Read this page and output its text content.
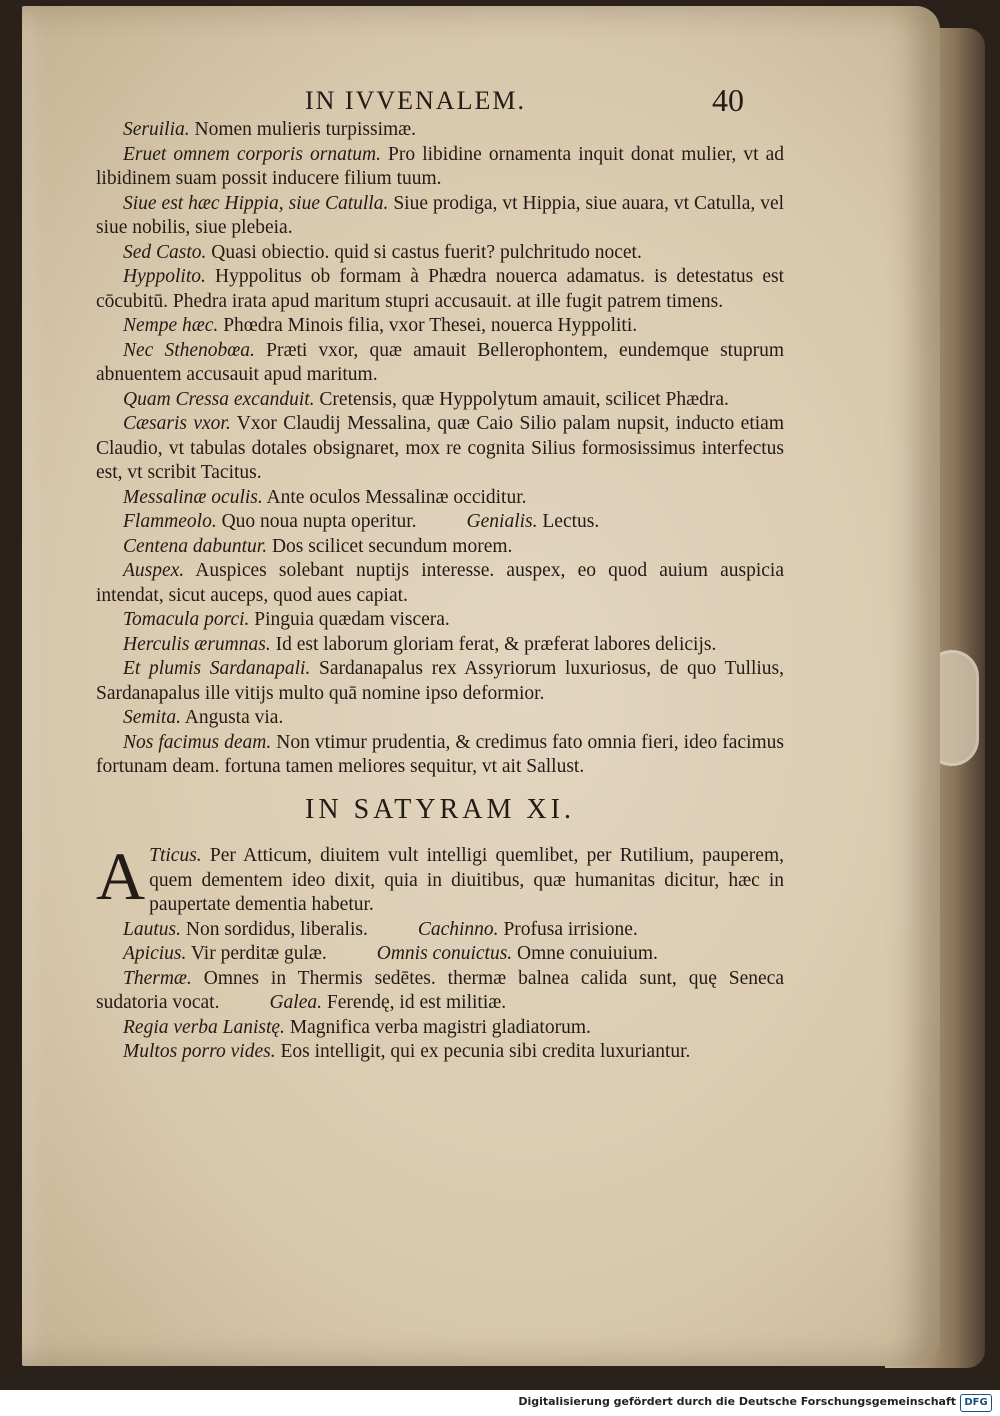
IN IVVENALEM.	40

Seruilia. Nomen mulieris turpissimæ.

Eruet omnem corporis ornatum. Pro libidine ornamenta inquit donat mulier, vt ad libidinem suam possit inducere filium tuum.

Siue est hæc Hippia, siue Catulla. Siue prodiga, vt Hippia, siue auara, vt Catulla, vel siue nobilis, siue plebeia.

Sed Casto. Quasi obiectio. quid si castus fuerit? pulchritudo nocet.

Hyppolito. Hyppolitus ob formam à Phædra nouerca adamatus. is detestatus est cōcubitū. Phedra irata apud maritum stupri accusauit. at ille fugit patrem timens.

Nempe hæc. Phœdra Minois filia, vxor Thesei, nouerca Hyppoliti.

Nec Sthenobœa. Præti vxor, quæ amauit Bellerophontem, eundemque stuprum abnuentem accusauit apud maritum.

Quam Cressa excanduit. Cretensis, quæ Hyppolytum amauit, scilicet Phædra.

Cæsaris vxor. Vxor Claudij Messalina, quæ Caio Silio palam nupsit, inducto etiam Claudio, vt tabulas dotales obsignaret, mox re cognita Silius formosissimus interfectus est, vt scribit Tacitus.

Messalinæ oculis. Ante oculos Messalinæ occiditur.

Flammeolo. Quo noua nupta operitur.	Genialis. Lectus.

Centena dabuntur. Dos scilicet secundum morem.

Auspex. Auspices solebant nuptijs interesse. auspex, eo quod auium auspicia intendat, sicut auceps, quod aues capiat.

Tomacula porci. Pinguia quædam viscera.

Herculis ærumnas. Id est laborum gloriam ferat, & præferat labores delicijs.

Et plumis Sardanapali. Sardanapalus rex Assyriorum luxuriosus, de quo Tullius, Sardanapalus ille vitijs multo quā nomine ipso deformior.

Semita. Angusta via.

Nos facimus deam. Non vtimur prudentia, & credimus fato omnia fieri, ideo facimus fortunam deam. fortuna tamen meliores sequitur, vt ait Sallust.

IN SATYRAM XI.

A Tticus. Per Atticum, diuitem vult intelligi quemlibet, per Rutilium, pauperem, quem dementem ideo dixit, quia in diuitibus, quæ humanitas dicitur, hæc in paupertate dementia habetur.

Lautus. Non sordidus, liberalis.	Cachinno. Profusa irrisione.

Apicius. Vir perditæ gulæ.	Omnis conuictus. Omne conuiuium.

Thermæ. Omnes in Thermis sedētes. thermæ balnea calida sunt, quę Seneca sudatoria vocat.	Galea. Ferendę, id est militiæ.

Regia verba Lanistę. Magnifica verba magistri gladiatorum.

Multos porro vides. Eos intelligit, qui ex pecunia sibi credita luxuriantur.

Digitalisierung gefördert durch die Deutsche Forschungsgemeinschaft DFG
